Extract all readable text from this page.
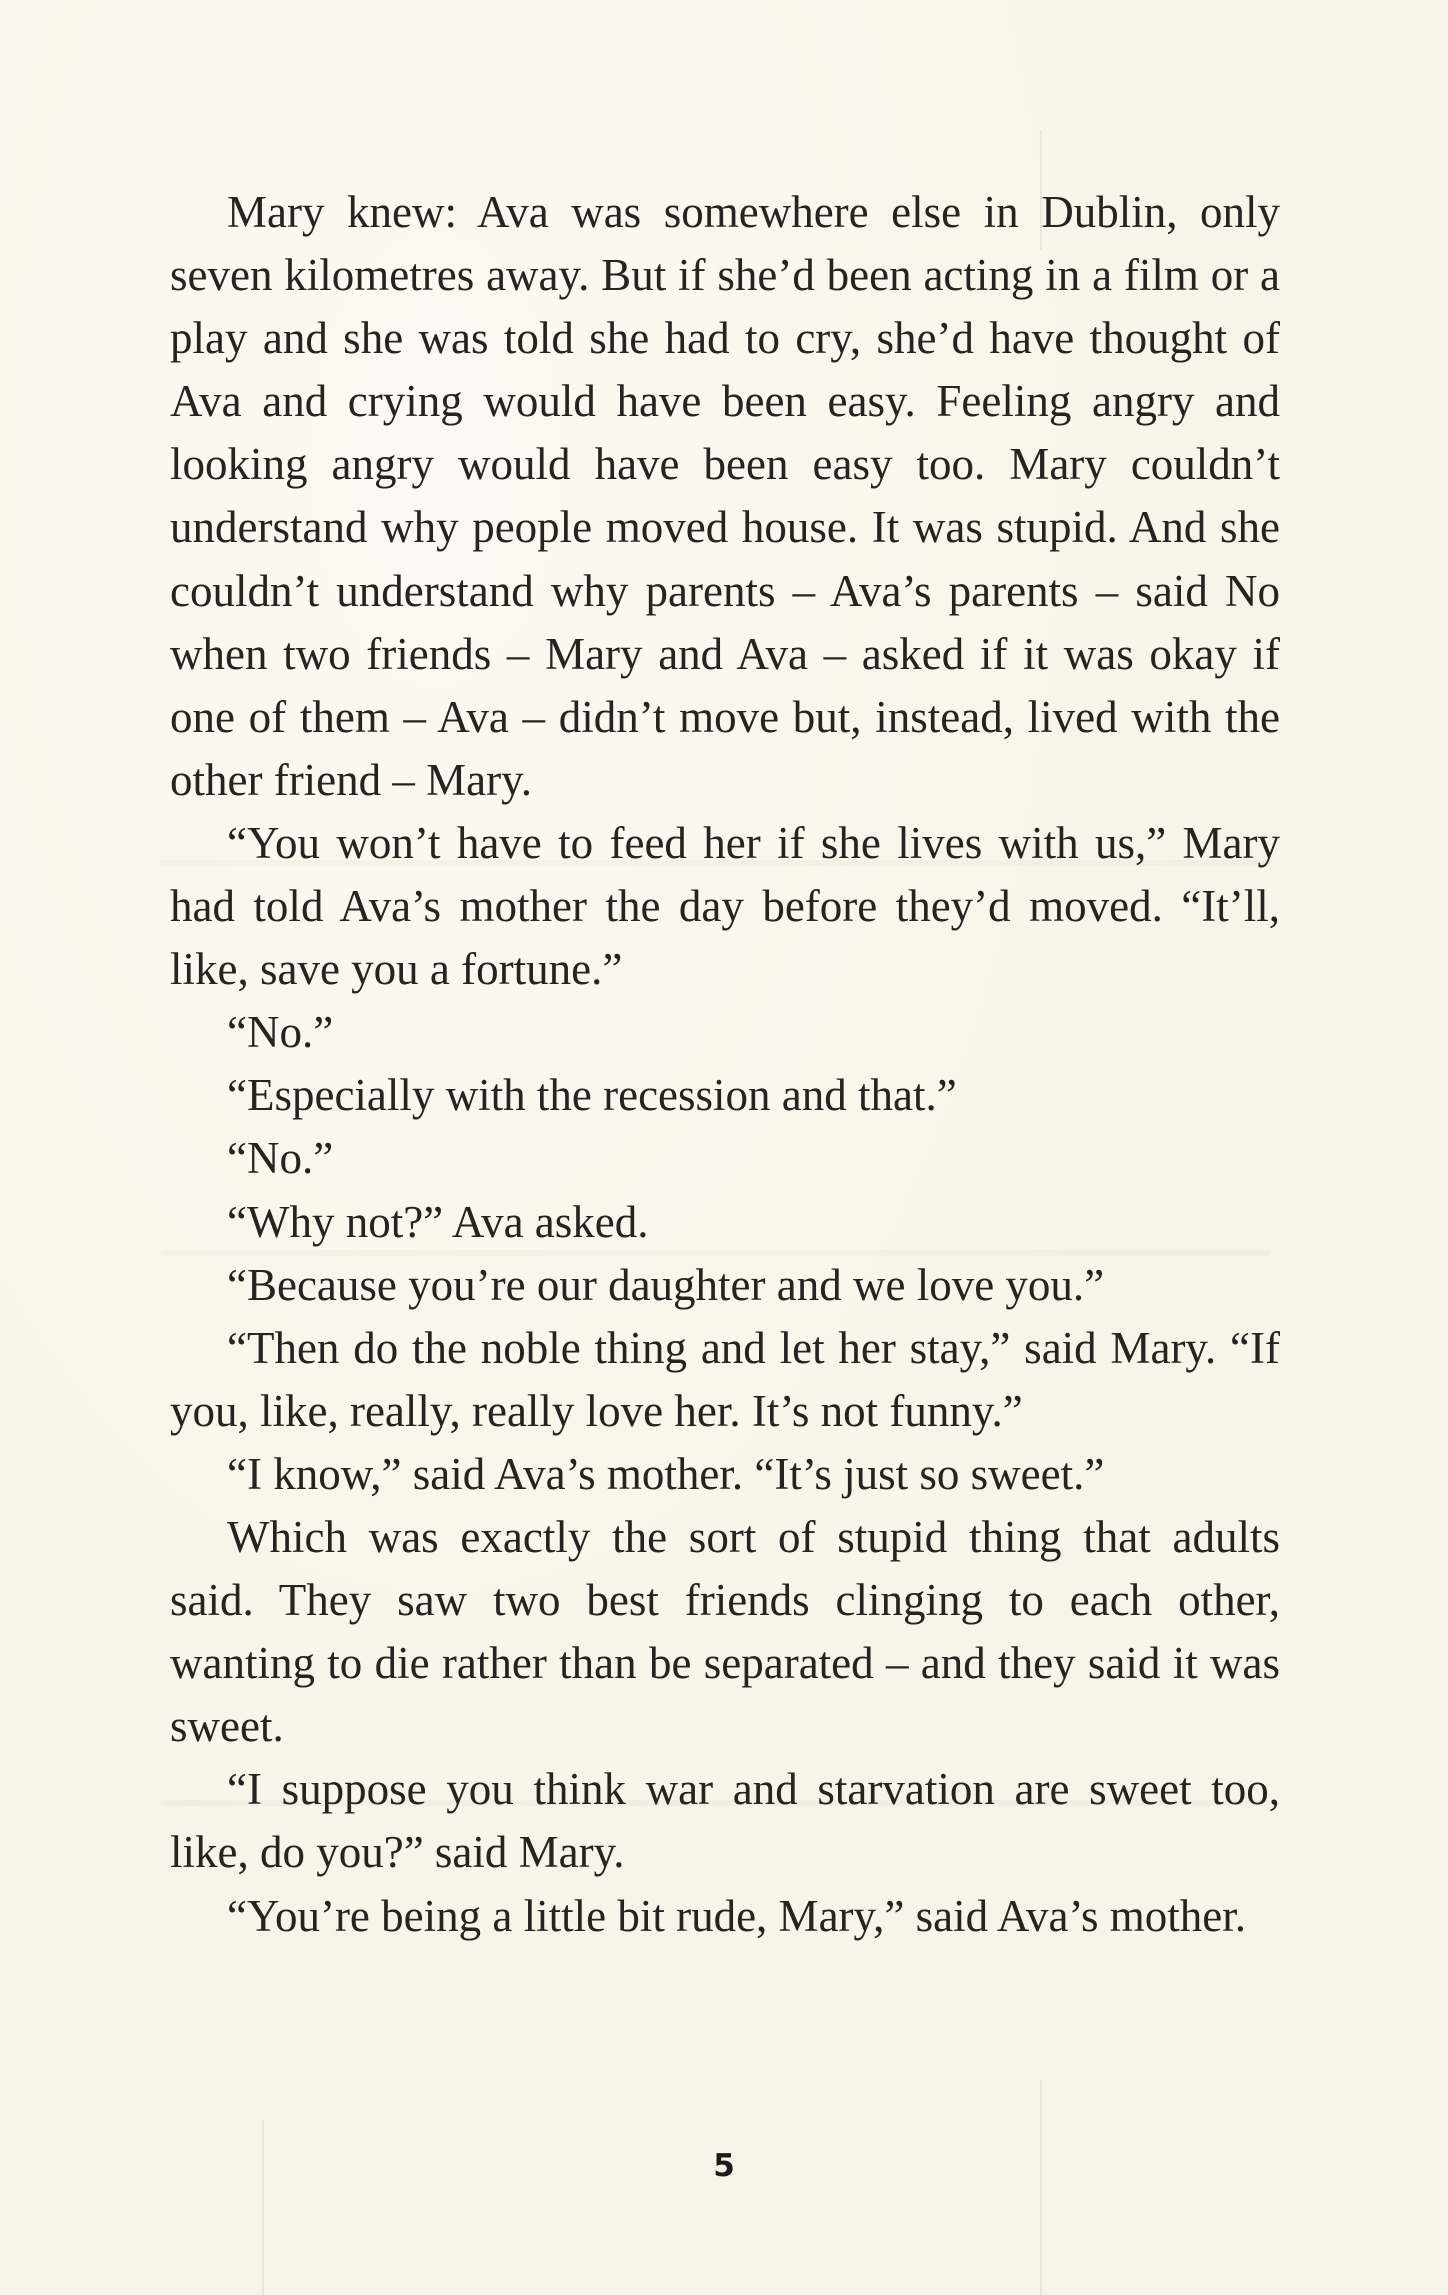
Mary knew: Ava was somewhere else in Dublin, only seven kilometres away. But if she’d been acting in a film or a play and she was told she had to cry, she’d have thought of Ava and crying would have been easy. Feeling angry and looking angry would have been easy too. Mary couldn’t understand why people moved house. It was stupid. And she couldn’t understand why parents – Ava’s parents – said No when two friends – Mary and Ava – asked if it was okay if one of them – Ava – didn’t move but, instead, lived with the other friend – Mary.

“You won’t have to feed her if she lives with us,” Mary had told Ava’s mother the day before they’d moved. “It’ll, like, save you a fortune.”

“No.”

“Especially with the recession and that.”

“No.”

“Why not?” Ava asked.

“Because you’re our daughter and we love you.”

“Then do the noble thing and let her stay,” said Mary. “If you, like, really, really love her. It’s not funny.”

“I know,” said Ava’s mother. “It’s just so sweet.”

Which was exactly the sort of stupid thing that adults said. They saw two best friends clinging to each other, wanting to die rather than be separated – and they said it was sweet.

“I suppose you think war and starvation are sweet too, like, do you?” said Mary.

“You’re being a little bit rude, Mary,” said Ava’s mother.

5
